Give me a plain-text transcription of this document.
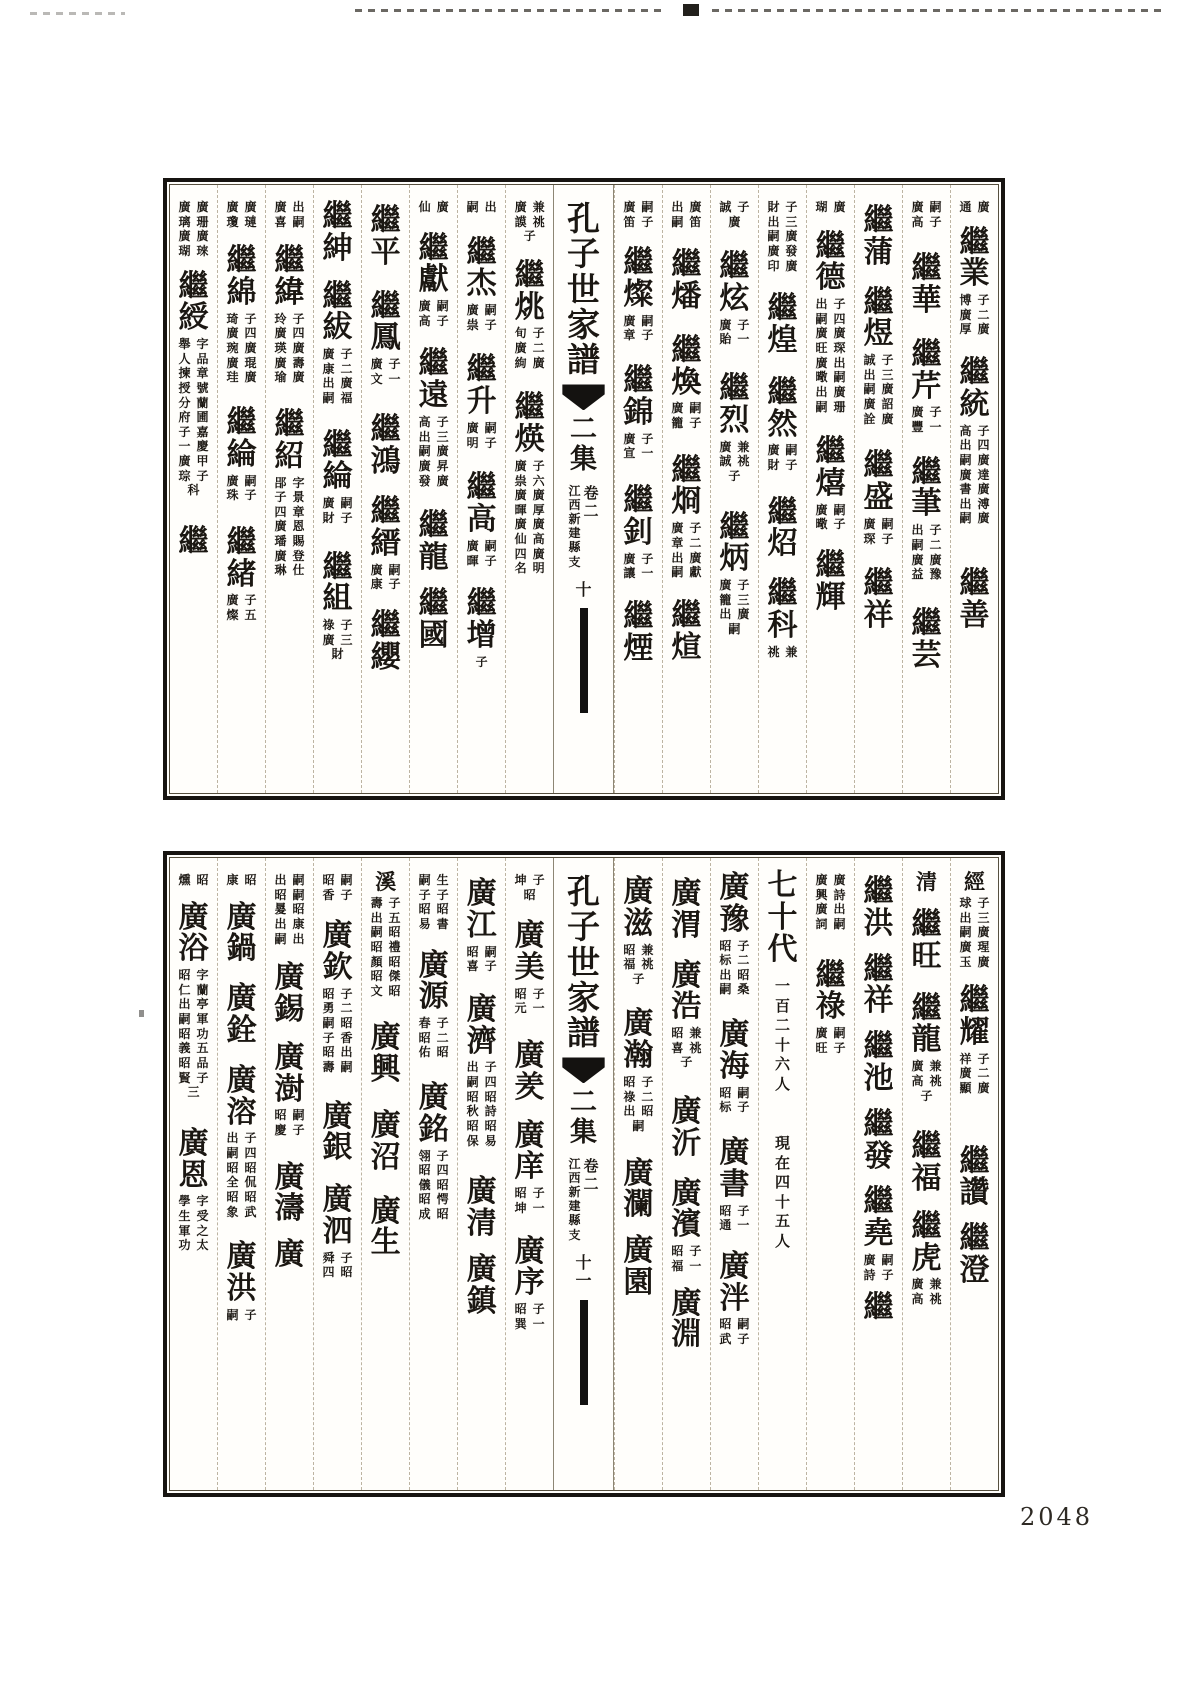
廣 廣
璃 珊
廣 廣
瑚 琜
繼
綬
舉 字
人 品
揀 章
授 號
分 蘭
府 圃
子 嘉
一 慶
廣 甲
琮 子
科
繼
廣 廣
瓊 璉
繼
綿
琦 子
廣 四
琬 廣
廣 琨
珪 廣
繼
綸
廣 嗣
珠 子
繼
緒
廣 子
燦 五
廣 出
喜 嗣
繼
緯
玲 子
廣 四
瑛 廣
廣 壽
瑜 廣
繼
紹
郘 字
子 景
四 章
廣 恩
璠 賜
廣 登
琳 仕
繼
紳
繼
紱
廣 子
康 二
出 廣
嗣 福
繼
綸
廣 嗣
財 子
繼
組
祿 子
廣 三
財
繼
平
繼
鳳
廣 子
文 一
繼
鴻
繼
縉
廣 嗣
康 子
繼
纓
仙 廣
繼
獻
廣 嗣
高 子
繼
遠
高 子
出 三
嗣 廣
廣 昇
發 廣
繼
龍
繼
國
嗣 出
繼
杰
廣 嗣
祟 子
繼
升
廣 嗣
明 子
繼
高
廣 嗣
暉 子
繼
增
子
廣 兼
謨 祧
子
繼
烑
旬 子
廣 二
絇 廣
繼
煐
廣 子
祟 六
廣 廣
暉 厚
廣 廣
仙 高
四 廣
名 明
孔
子
世
家
譜
二
集
卷
二
江
西
新
建
縣
支
十
廣 嗣
笛 子
繼
燦
廣 嗣
章 子
繼
錦
廣 子
宣 一
繼
釗
廣 子
讓 一
繼
煙
出 廣
嗣 笛
繼
燔
繼
煥
廣 嗣
籠 子
繼
烱
廣 子
章 二
出 廣
嗣 獻
繼
煊
誠 子
廣
繼
炫
廣 子
貽 一
繼
烈
廣 兼
誠 祧
子
繼
炳
廣 子
籠 三
出 廣
嗣
財 子
出 三
嗣 廣
廣 發
印 廣
繼
煌
繼
然
廣 嗣
財 子
繼
炤
繼
科
祧 兼
瑚 廣
繼
德
出 子
嗣 四
廣 廣
旺 琛
廣 出
曔 嗣
出 廣
嗣 珊
繼
熺
廣 嗣
曔 子
繼
輝
繼
蒲
繼
煜
誠 子
出 三
嗣 廣
廣 詔
詮 廣
繼
盛
廣 嗣
琛 子
繼
祥
廣 嗣
高 子
繼
華
繼
芹
廣 子
豐 一
繼
茟
出 子
嗣 二
廣 廣
益 豫
繼
芸
通 廣
繼
業
博 子
廣 二
厚 廣
繼
統
高 子
出 四
嗣 廣
廣 達
書 廣
出 溥
嗣 廣
繼
善
燻 昭
廣
浴
昭 字
仁 蘭
出 亭
嗣 軍
昭 功
義 五
昭 品
賢 子
三
廣
恩
學 字
生 受
軍 之
功 太
康 昭
廣
鍋
廣
銓
廣
溶
出 子
嗣 四
昭 昭
全 侃
昭 昭
象 武
廣
洪
嗣 子
出 嗣
昭 嗣
㬊 昭
出 康
嗣 出
廣
錫
廣
澍
昭 嗣
慶 子
廣
濤
廣
昭 嗣
香 子
廣
欽
昭 子
勇 二
嗣 昭
子 香
昭 出
壽 嗣
廣
銀
廣
泗
舜 子
四 昭
溪
壽 子
出 五
嗣 昭
昭 禮
顏 昭
昭 傑
文 昭
廣
興
廣
沼
廣
生
嗣 生
子 子
昭 昭
易 書
廣
源
春 子
昭 二
佑 昭
廣
銘
翎 子
昭 四
儀 昭
昭 愕
成 昭
廣
江
昭 嗣
喜 子
廣
濟
出 子
嗣 四
昭 昭
秋 詩
昭 昭
保 易
廣
清
廣
鎮
坤 子
昭
廣
美
昭 子
元 一
廣
羑
廣
庠
昭 子
坤 一
廣
序
昭 子
巽 一
孔
子
世
家
譜
二
集
卷
二
江
西
新
建
縣
支
十
一
廣
滋
昭 兼
福 祧
子
廣
瀚
昭 子
祿 二
出 昭
嗣
廣
瀾
廣
園
廣
渭
廣
浩
昭 兼
喜 祧
子
廣
沂
廣
濱
昭 子
福 一
廣
淵
廣
豫
昭 子
标 二
出 昭
嗣 桑
廣
海
昭 嗣
标 子
廣
書
昭 子
通 一
廣
泮
昭 嗣
武 子
七
十
代
一
百
二
十
六
人
現
在
四
十
五
人
廣 廣
興 詩
廣 出
詞 嗣
繼
祿
廣 嗣
旺 子
繼
洪
繼
祥
繼
池
繼
發
繼
堯
廣 嗣
詩 子
繼
清
繼
旺
繼
龍
廣 兼
高 祧
子
繼
福
繼
虎
廣 兼
高 祧
經
球 子
出 三
嗣 廣
廣 瑆
玉 廣
繼
耀
祥 子
廣 二
顯 廣
繼
讚
繼
澄
2048
